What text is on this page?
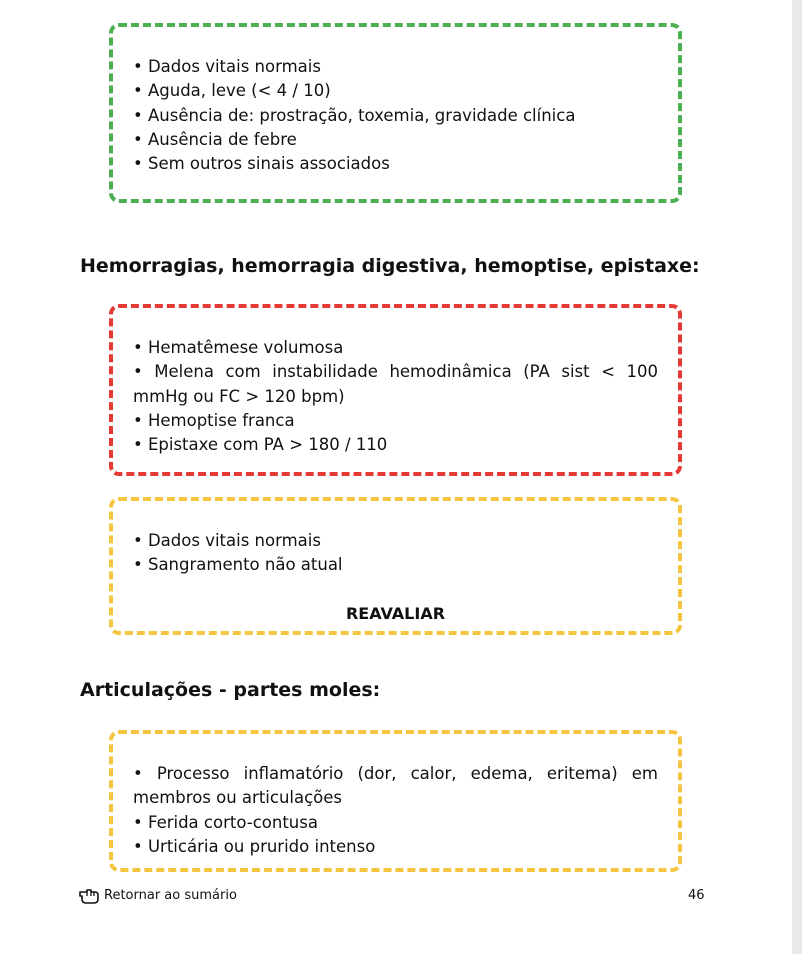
• Dados vitais normais
• Aguda, leve (< 4 / 10)
• Ausência de: prostração, toxemia, gravidade clínica
• Ausência de febre
• Sem outros sinais associados
Hemorragias, hemorragia digestiva, hemoptise, epistaxe:
• Hematêmese volumosa
• Melena com instabilidade hemodinâmica (PA sist < 100 mmHg ou FC > 120 bpm)
• Hemoptise franca
• Epistaxe com PA > 180 / 110
• Dados vitais normais
• Sangramento não atual
REAVALIAR
Articulações - partes moles:
• Processo inflamatório (dor, calor, edema, eritema) em membros ou articulações
• Ferida corto-contusa
• Urticária ou prurido intenso
Retornar ao sumário	46
